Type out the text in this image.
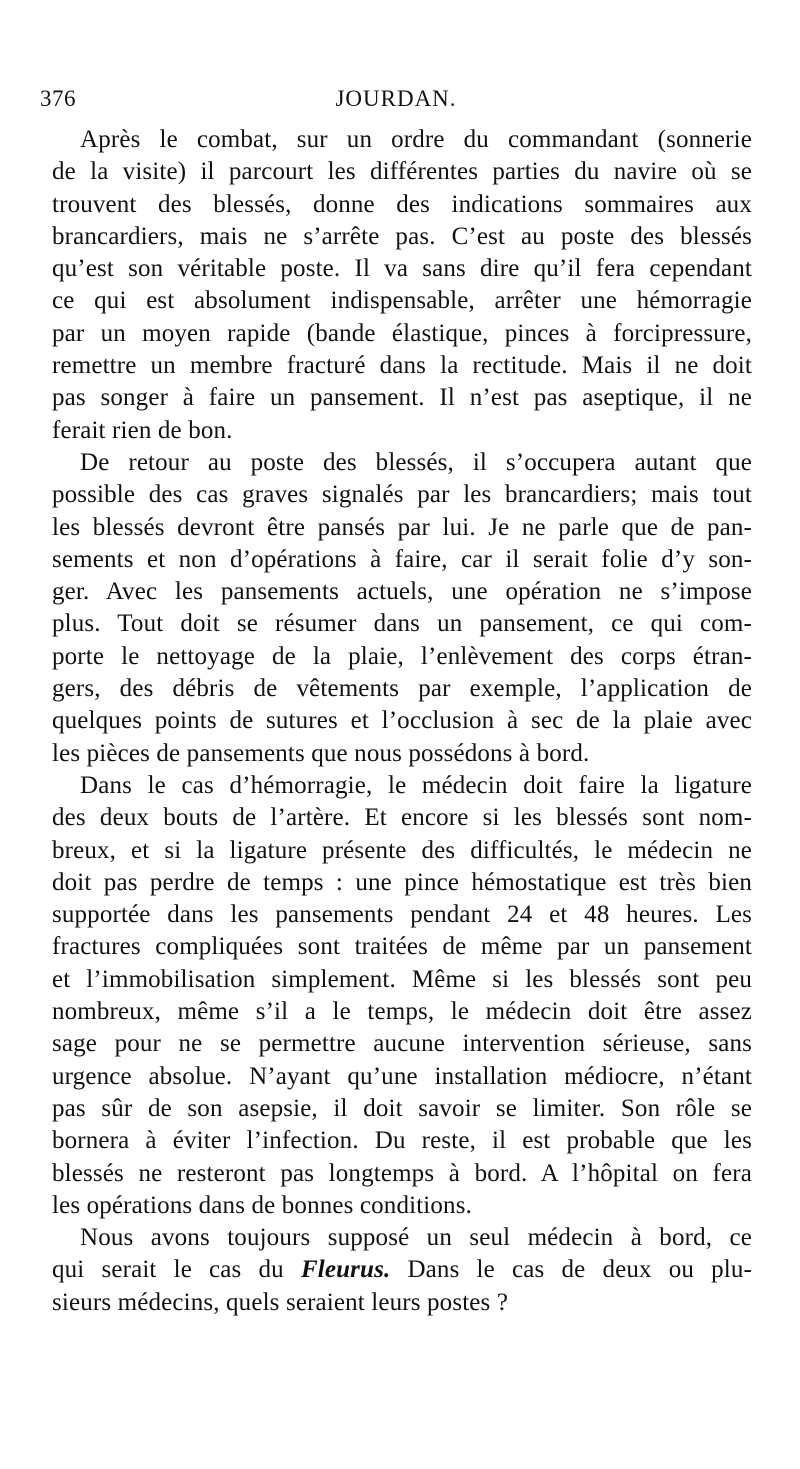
376	JOURDAN.
Après le combat, sur un ordre du commandant (sonnerie
de la visite) il parcourt les différentes parties du navire où se
trouvent des blessés, donne des indications sommaires aux
brancardiers, mais ne s’arrête pas. C’est au poste des blessés
qu’est son véritable poste. Il va sans dire qu’il fera cependant
ce qui est absolument indispensable, arrêter une hémorragie
par un moyen rapide (bande élastique, pinces à forcipressure,
remettre un membre fracturé dans la rectitude. Mais il ne doit
pas songer à faire un pansement. Il n’est pas aseptique, il ne
ferait rien de bon.
De retour au poste des blessés, il s’occupera autant que
possible des cas graves signalés par les brancardiers; mais tout
les blessés devront être pansés par lui. Je ne parle que de pan-
sements et non d’opérations à faire, car il serait folie d’y son-
ger. Avec les pansements actuels, une opération ne s’impose
plus. Tout doit se résumer dans un pansement, ce qui com-
porte le nettoyage de la plaie, l’enlèvement des corps étran-
gers, des débris de vêtements par exemple, l’application de
quelques points de sutures et l’occlusion à sec de la plaie avec
les pièces de pansements que nous possédons à bord.
Dans le cas d’hémorragie, le médecin doit faire la ligature
des deux bouts de l’artère. Et encore si les blessés sont nom-
breux, et si la ligature présente des difficultés, le médecin ne
doit pas perdre de temps : une pince hémostatique est très bien
supportée dans les pansements pendant 24 et 48 heures. Les
fractures compliquées sont traitées de même par un pansement
et l’immobilisation simplement. Même si les blessés sont peu
nombreux, même s’il a le temps, le médecin doit être assez
sage pour ne se permettre aucune intervention sérieuse, sans
urgence absolue. N’ayant qu’une installation médiocre, n’étant
pas sûr de son asepsie, il doit savoir se limiter. Son rôle se
bornera à éviter l’infection. Du reste, il est probable que les
blessés ne resteront pas longtemps à bord. A l’hôpital on fera
les opérations dans de bonnes conditions.
Nous avons toujours supposé un seul médecin à bord, ce
qui serait le cas du Fleurus. Dans le cas de deux ou plu-
sieurs médecins, quels seraient leurs postes ?
